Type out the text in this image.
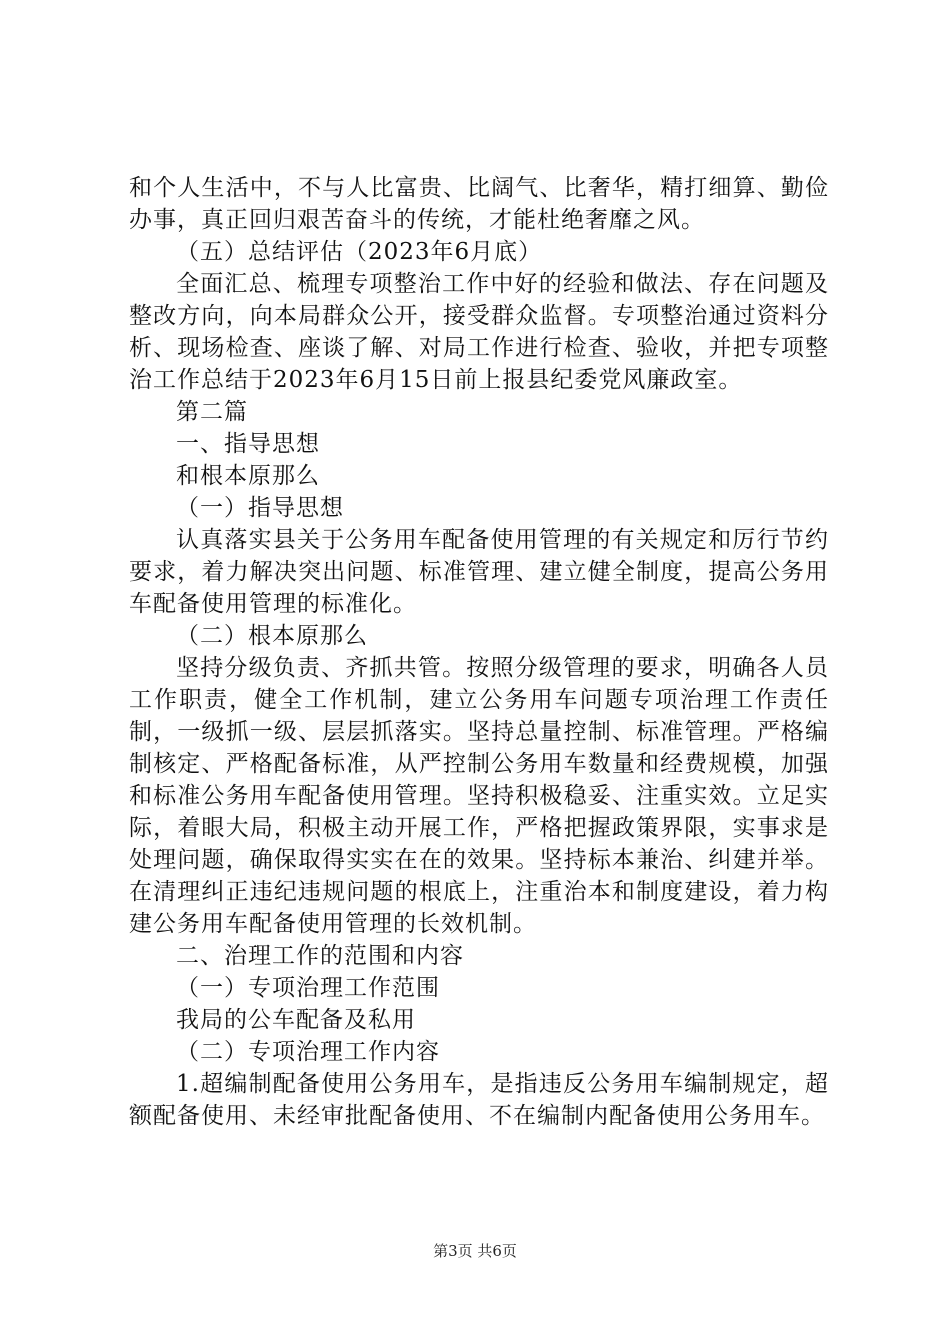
和个人生活中，不与人比富贵、比阔气、比奢华，精打细算、勤俭办事，真正回归艰苦奋斗的传统，才能杜绝奢靡之风。

（五）总结评估（2023年6月底）

全面汇总、梳理专项整治工作中好的经验和做法、存在问题及整改方向，向本局群众公开，接受群众监督。专项整治通过资料分析、现场检查、座谈了解、对局工作进行检查、验收，并把专项整治工作总结于2023年6月15日前上报县纪委党风廉政室。

第二篇

一、指导思想

和根本原那么

（一）指导思想

认真落实县关于公务用车配备使用管理的有关规定和厉行节约要求，着力解决突出问题、标准管理、建立健全制度，提高公务用车配备使用管理的标准化。

（二）根本原那么

坚持分级负责、齐抓共管。按照分级管理的要求，明确各人员工作职责，健全工作机制，建立公务用车问题专项治理工作责任制，一级抓一级、层层抓落实。坚持总量控制、标准管理。严格编制核定、严格配备标准，从严控制公务用车数量和经费规模，加强和标准公务用车配备使用管理。坚持积极稳妥、注重实效。立足实际，着眼大局，积极主动开展工作，严格把握政策界限，实事求是处理问题，确保取得实实在在的效果。坚持标本兼治、纠建并举。在清理纠正违纪违规问题的根底上，注重治本和制度建设，着力构建公务用车配备使用管理的长效机制。

二、治理工作的范围和内容

（一）专项治理工作范围

我局的公车配备及私用

（二）专项治理工作内容

1.超编制配备使用公务用车，是指违反公务用车编制规定，超额配备使用、未经审批配备使用、不在编制内配备使用公务用车。

第3页 共6页
